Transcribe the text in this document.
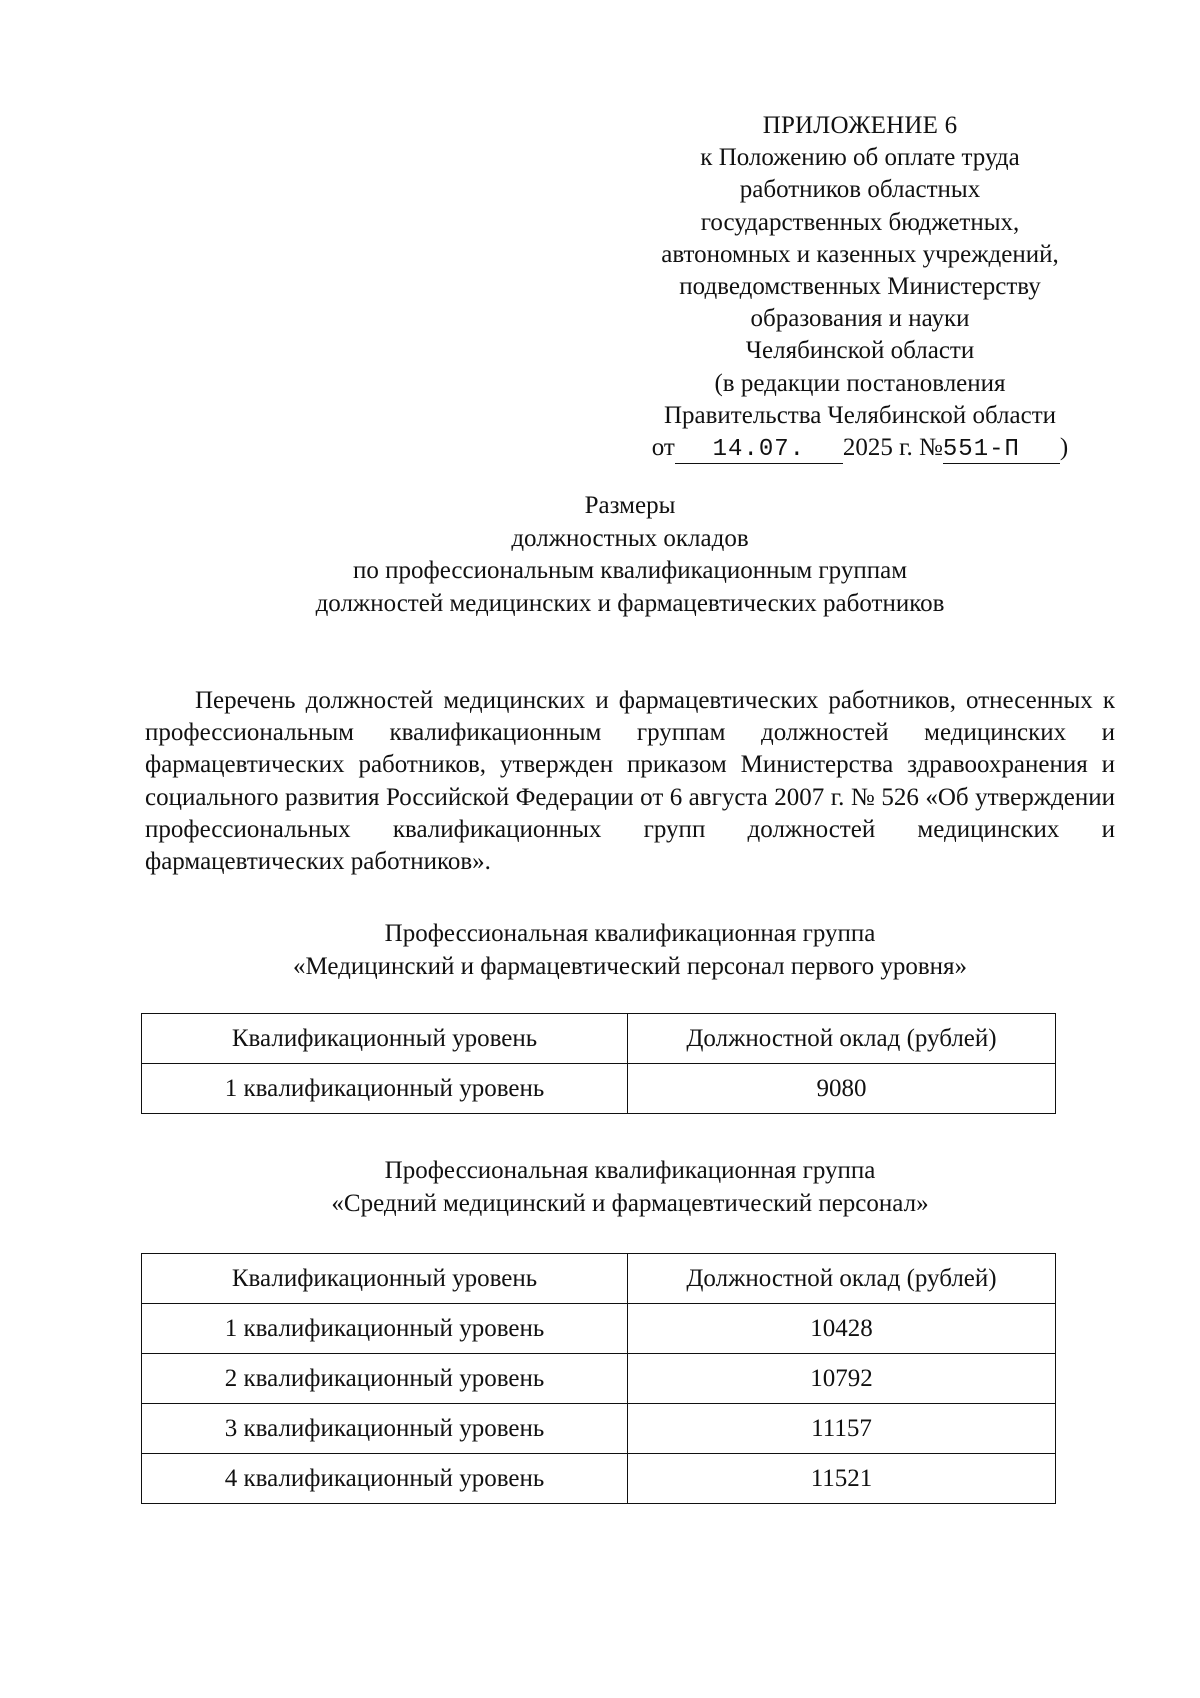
ПРИЛОЖЕНИЕ 6
к Положению об оплате труда
работников областных
государственных бюджетных,
автономных и казенных учреждений,
подведомственных Министерству
образования и науки
Челябинской области
(в редакции постановления
Правительства Челябинской области
от 14.07. 2025 г. №551-П )
Размеры
должностных окладов
по профессиональным квалификационным группам
должностей медицинских и фармацевтических работников

Перечень должностей медицинских и фармацевтических работников, отнесенных к профессиональным квалификационным группам должностей медицинских и фармацевтических работников, утвержден приказом Министерства здравоохранения и социального развития Российской Федерации от 6 августа 2007 г. № 526 «Об утверждении профессиональных квалификационных групп должностей медицинских и фармацевтических работников».

Профессиональная квалификационная группа
«Медицинский и фармацевтический персонал первого уровня»
Квалификационный уровень	Должностной оклад (рублей)
1 квалификационный уровень	9080
Профессиональная квалификационная группа
«Средний медицинский и фармацевтический персонал»
Квалификационный уровень	Должностной оклад (рублей)
1 квалификационный уровень	10428
2 квалификационный уровень	10792
3 квалификационный уровень	11157
4 квалификационный уровень	11521
